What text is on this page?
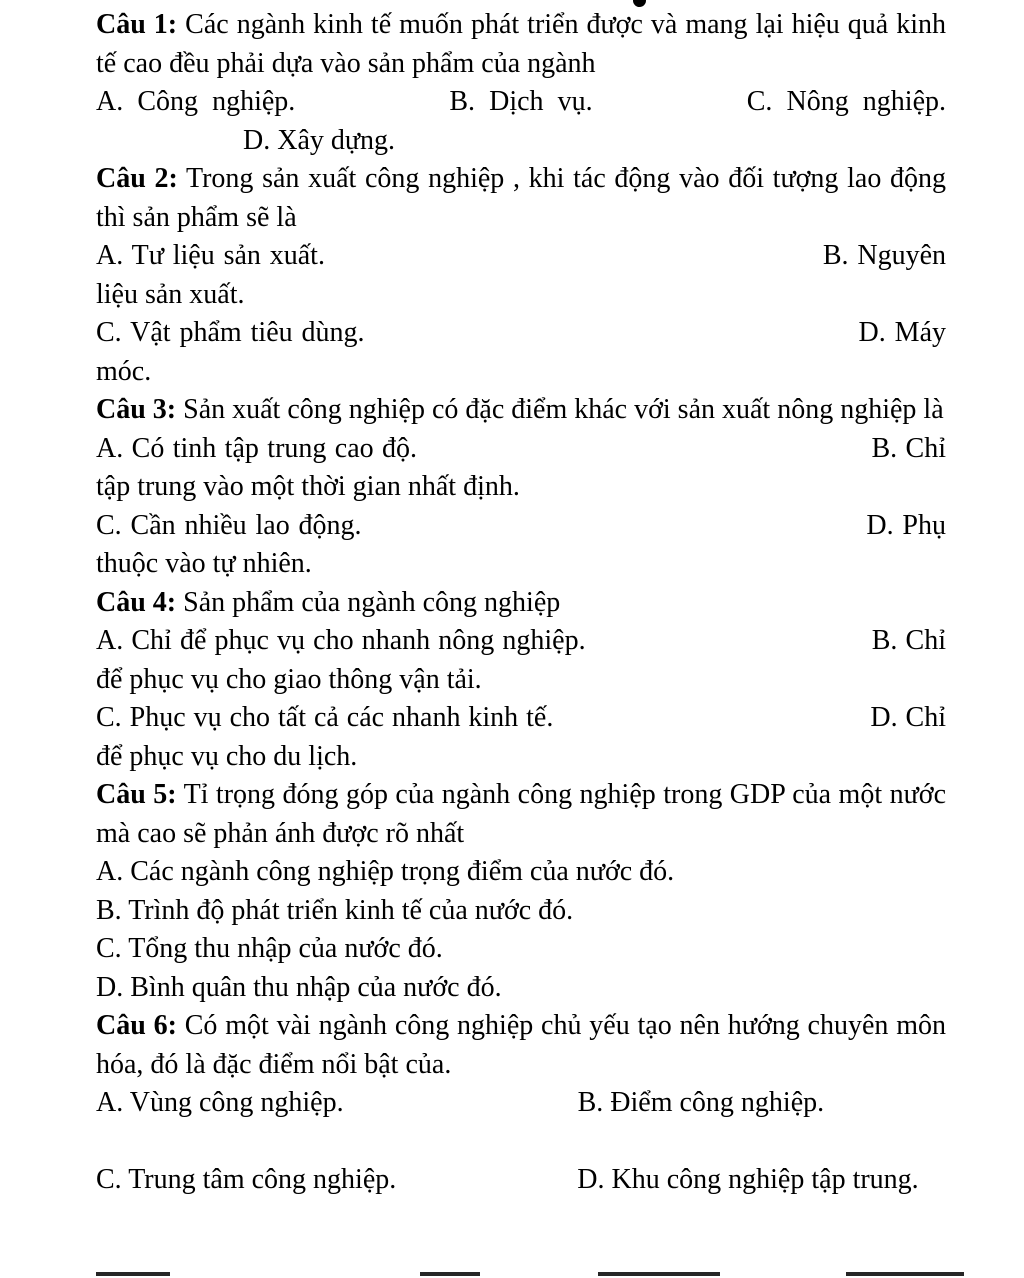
Câu 1: Các ngành kinh tế muốn phát triển được và mang lại hiệu quả kinh tế cao đều phải dựa vào sản phẩm của ngành

A. Công nghiệp.	B. Dịch vụ.	C. Nông nghiệp. D. Xây dựng.

Câu 2: Trong sản xuất công nghiệp , khi tác động vào đối tượng lao động thì sản phẩm sẽ là

A. Tư liệu sản xuất.	B. Nguyên liệu sản xuất.

C. Vật phẩm tiêu dùng.	D. Máy móc.

Câu 3: Sản xuất công nghiệp có đặc điểm khác với sản xuất nông nghiệp là

A. Có tinh tập trung cao độ.	B. Chỉ tập trung vào một thời gian nhất định.

C. Cần nhiều lao động.	D. Phụ thuộc vào tự nhiên.

Câu 4: Sản phẩm của ngành công nghiệp

A. Chỉ để phục vụ cho nhanh nông nghiệp.	B. Chỉ để phục vụ cho giao thông vận tải.

C. Phục vụ cho tất cả các nhanh kinh tế.	D. Chỉ để phục vụ cho du lịch.

Câu 5: Tỉ trọng đóng góp của ngành công nghiệp trong GDP của một nước mà cao sẽ phản ánh được rõ nhất

A. Các ngành công nghiệp trọng điểm của nước đó.

B. Trình độ phát triển kinh tế của nước đó.

C. Tổng thu nhập của nước đó.

D. Bình quân thu nhập của nước đó.

Câu 6: Có một vài ngành công nghiệp chủ yếu tạo nên hướng chuyên môn hóa, đó là đặc điểm nổi bật của.

A. Vùng công nghiệp.	B. Điểm công nghiệp.

C. Trung tâm công nghiệp.	D. Khu công nghiệp tập trung.
